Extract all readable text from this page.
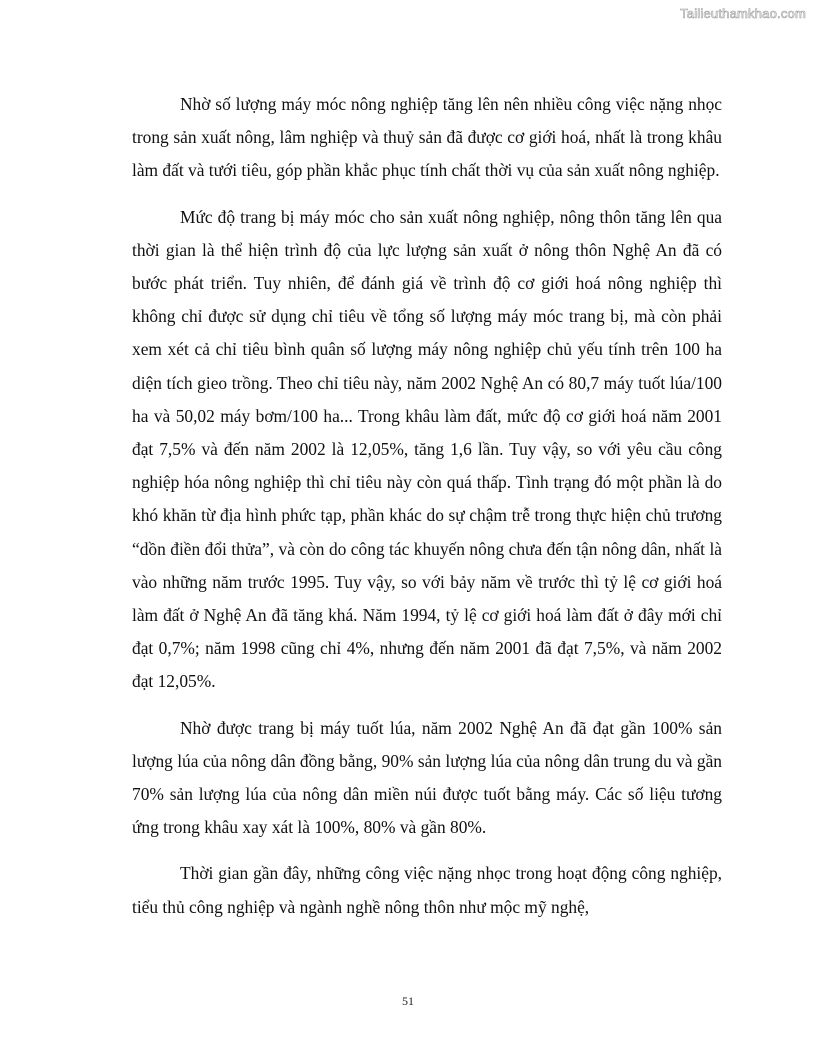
Tailieuthamkhao.com

Nhờ số lượng máy móc nông nghiệp tăng lên nên nhiều công việc nặng nhọc trong sản xuất nông, lâm nghiệp và thuỷ sản đã được cơ giới hoá, nhất là trong khâu làm đất và tưới tiêu, góp phần khắc phục tính chất thời vụ của sản xuất nông nghiệp.

Mức độ trang bị máy móc cho sản xuất nông nghiệp, nông thôn tăng lên qua thời gian là thể hiện trình độ của lực lượng sản xuất ở nông thôn Nghệ An đã có bước phát triển. Tuy nhiên, để đánh giá về trình độ cơ giới hoá nông nghiệp thì không chỉ được sử dụng chỉ tiêu về tổng số lượng máy móc trang bị, mà còn phải xem xét cả chỉ tiêu bình quân số lượng máy nông nghiệp chủ yếu tính trên 100 ha diện tích gieo trồng. Theo chỉ tiêu này, năm 2002 Nghệ An có 80,7 máy tuốt lúa/100 ha và 50,02 máy bơm/100 ha... Trong khâu làm đất, mức độ cơ giới hoá năm 2001 đạt 7,5% và đến năm 2002 là 12,05%, tăng 1,6 lần. Tuy vậy, so với yêu cầu công nghiệp hóa nông nghiệp thì chỉ tiêu này còn quá thấp. Tình trạng đó một phần là do khó khăn từ địa hình phức tạp, phần khác do sự chậm trễ trong thực hiện chủ trương “dồn điền đổi thửa”, và còn do công tác khuyến nông chưa đến tận nông dân, nhất là vào những năm trước 1995. Tuy vậy, so với bảy năm về trước thì tỷ lệ cơ giới hoá làm đất ở Nghệ An đã tăng khá. Năm 1994, tỷ lệ cơ giới hoá làm đất ở đây mới chỉ đạt 0,7%; năm 1998 cũng chỉ 4%, nhưng đến năm 2001 đã đạt 7,5%, và năm 2002 đạt 12,05%.

Nhờ được trang bị máy tuốt lúa, năm 2002 Nghệ An đã đạt gần 100% sản lượng lúa của nông dân đồng bằng, 90% sản lượng lúa của nông dân trung du và gần 70% sản lượng lúa của nông dân miền núi được tuốt bằng máy. Các số liệu tương ứng trong khâu xay xát là 100%, 80% và gần 80%.

Thời gian gần đây, những công việc nặng nhọc trong hoạt động công nghiệp, tiểu thủ công nghiệp và ngành nghề nông thôn như mộc mỹ nghệ,

51
